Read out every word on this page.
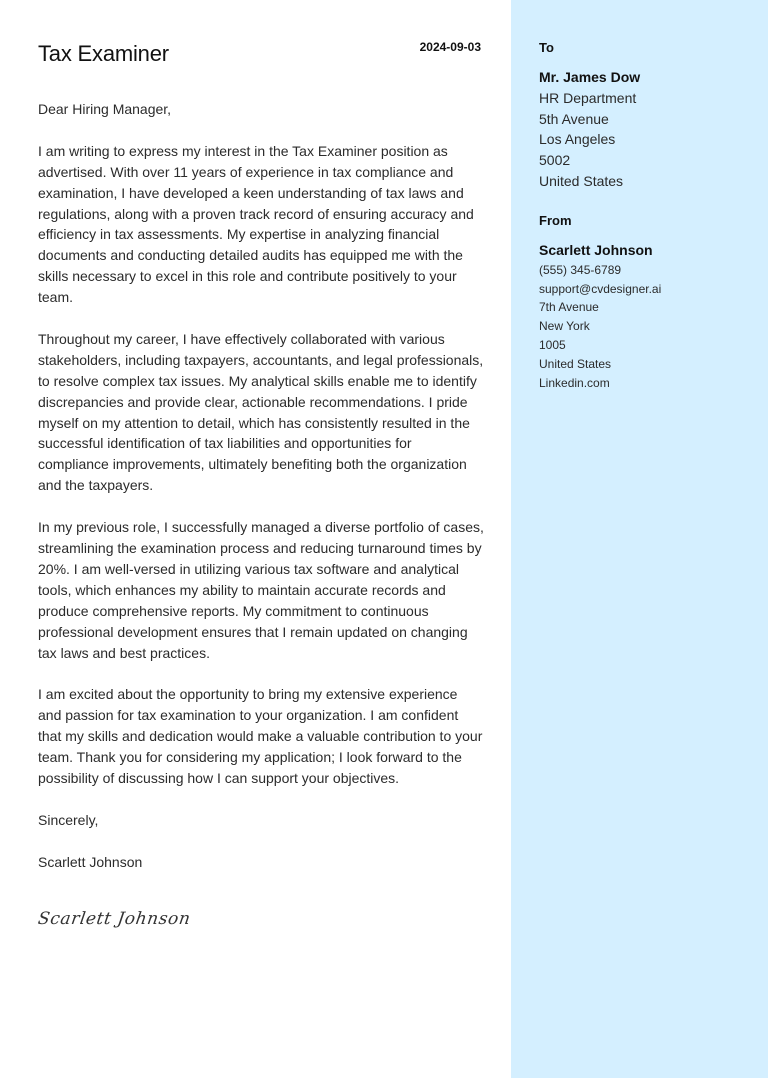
Tax Examiner	2024-09-03

Dear Hiring Manager,

I am writing to express my interest in the Tax Examiner position as advertised. With over 11 years of experience in tax compliance and examination, I have developed a keen understanding of tax laws and regulations, along with a proven track record of ensuring accuracy and efficiency in tax assessments. My expertise in analyzing financial documents and conducting detailed audits has equipped me with the skills necessary to excel in this role and contribute positively to your team.

Throughout my career, I have effectively collaborated with various stakeholders, including taxpayers, accountants, and legal professionals, to resolve complex tax issues. My analytical skills enable me to identify discrepancies and provide clear, actionable recommendations. I pride myself on my attention to detail, which has consistently resulted in the successful identification of tax liabilities and opportunities for compliance improvements, ultimately benefiting both the organization and the taxpayers.

In my previous role, I successfully managed a diverse portfolio of cases, streamlining the examination process and reducing turnaround times by 20%. I am well-versed in utilizing various tax software and analytical tools, which enhances my ability to maintain accurate records and produce comprehensive reports. My commitment to continuous professional development ensures that I remain updated on changing tax laws and best practices.

I am excited about the opportunity to bring my extensive experience and passion for tax examination to your organization. I am confident that my skills and dedication would make a valuable contribution to your team. Thank you for considering my application; I look forward to the possibility of discussing how I can support your objectives.

Sincerely,

Scarlett Johnson

Scarlett Johnson
To
Mr. James Dow
HR Department
5th Avenue
Los Angeles
5002
United States
From
Scarlett Johnson
(555) 345-6789
support@cvdesigner.ai
7th Avenue
New York
1005
United States
Linkedin.com
